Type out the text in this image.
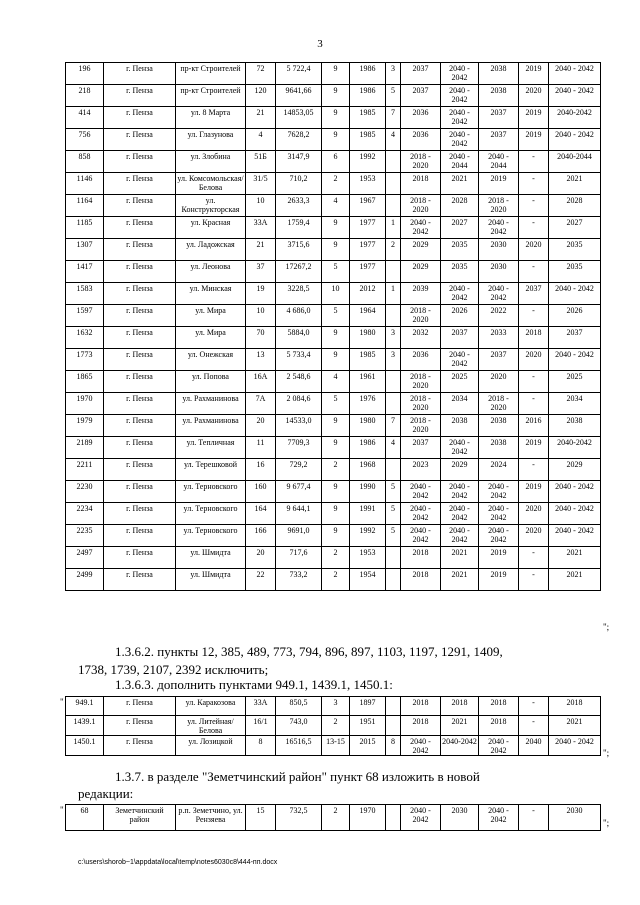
3
196	г. Пенза	пр-кт Строителей	72	5 722,4	9	1986	3	2037	2040 - 2042	2038	2019	2040 - 2042
218	г. Пенза	пр-кт Строителей	120	9641,66	9	1986	5	2037	2040 - 2042	2038	2020	2040 - 2042
414	г. Пенза	ул. 8 Марта	21	14853,05	9	1985	7	2036	2040 - 2042	2037	2019	2040-2042
756	г. Пенза	ул. Глазунова	4	7628,2	9	1985	4	2036	2040 - 2042	2037	2019	2040 - 2042
858	г. Пенза	ул. Злобина	51Б	3147,9	6	1992		2018 - 2020	2040 - 2044	2040 - 2044	-	2040-2044
1146	г. Пенза	ул. Комсомольская/ Белова	31/5	710,2	2	1953		2018	2021	2019	-	2021
1164	г. Пенза	ул. Конструкторская	10	2633,3	4	1967		2018 - 2020	2028	2018 - 2020	-	2028
1185	г. Пенза	ул. Красная	33А	1759,4	9	1977	1	2040 - 2042	2027	2040 - 2042	-	2027
1307	г. Пенза	ул. Ладожская	21	3715,6	9	1977	2	2029	2035	2030	2020	2035
1417	г. Пенза	ул. Леонова	37	17267,2	5	1977		2029	2035	2030	-	2035
1583	г. Пенза	ул. Минская	19	3228,5	10	2012	1	2039	2040 - 2042	2040 - 2042	2037	2040 - 2042
1597	г. Пенза	ул. Мира	10	4 686,0	5	1964		2018 - 2020	2026	2022	-	2026
1632	г. Пенза	ул. Мира	70	5884,0	9	1980	3	2032	2037	2033	2018	2037
1773	г. Пенза	ул. Онежская	13	5 733,4	9	1985	3	2036	2040 - 2042	2037	2020	2040 - 2042
1865	г. Пенза	ул. Попова	16А	2 548,6	4	1961		2018 - 2020	2025	2020	-	2025
1970	г. Пенза	ул. Рахманинова	7А	2 084,6	5	1976		2018 - 2020	2034	2018 - 2020	-	2034
1979	г. Пенза	ул. Рахманинова	20	14533,0	9	1980	7	2018 - 2020	2038	2038	2016	2038
2189	г. Пенза	ул. Тепличная	11	7709,3	9	1986	4	2037	2040 - 2042	2038	2019	2040-2042
2211	г. Пенза	ул. Терешковой	16	729,2	2	1968		2023	2029	2024	-	2029
2230	г. Пенза	ул. Терновского	160	9 677,4	9	1990	5	2040 - 2042	2040 - 2042	2040 - 2042	2019	2040 - 2042
2234	г. Пенза	ул. Терновского	164	9 644,1	9	1991	5	2040 - 2042	2040 - 2042	2040 - 2042	2020	2040 - 2042
2235	г. Пенза	ул. Терновского	166	9691,0	9	1992	5	2040 - 2042	2040 - 2042	2040 - 2042	2020	2040 - 2042
2497	г. Пенза	ул. Шмидта	20	717,6	2	1953		2018	2021	2019	-	2021
2499	г. Пенза	ул. Шмидта	22	733,2	2	1954		2018	2021	2019	-	2021
";
1.3.6.2. пункты 12, 385, 489, 773, 794, 896, 897, 1103, 1197, 1291, 1409,
1738, 1739, 2107, 2392 исключить;
1.3.6.3. дополнить пунктами 949.1, 1439.1, 1450.1:
" 949.1	г. Пенза	ул. Каракозова	33А	850,5	3	1897		2018	2018	2018	-	2018
1439.1	г. Пенза	ул. Литейная/ Белова	16/1	743,0	2	1951		2018	2021	2018	-	2021
1450.1	г. Пенза	ул. Лозицкой	8	16516,5	13-15	2015	8	2040 - 2042	2040-2042	2040 - 2042	2040	2040 - 2042
";
1.3.7. в разделе "Земетчинский район" пункт 68 изложить в новой
редакции:
" 68	Земетчинский район	р.п. Земетчино, ул. Рензяева	15	732,5	2	1970		2040 - 2042	2030	2040 - 2042	-	2030
";
c:\users\shorob~1\appdata\local\temp\notes6030c8\444-пп.docx
